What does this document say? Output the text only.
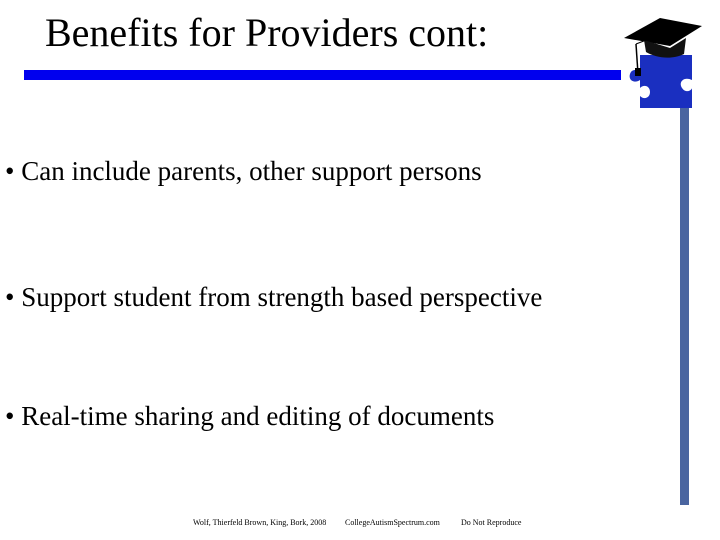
Benefits for Providers cont:
• Can include parents, other support persons
• Support student from strength based perspective
• Real-time sharing and editing of documents
Wolf, Thierfeld Brown, King, Bork, 2008 CollegeAutismSpectrum.com	Do Not Reproduce
